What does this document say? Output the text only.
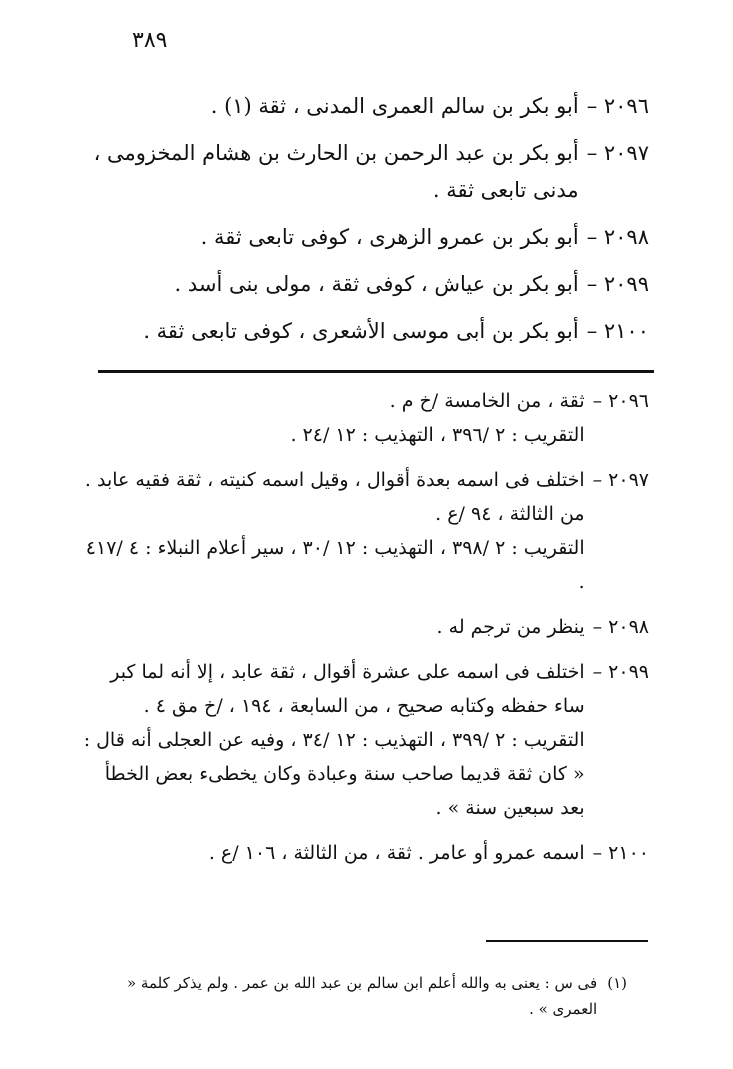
٣٨٩
٢٠٩٦ –
أبو بكر بن سالم العمرى المدنى ، ثقة (١) .
٢٠٩٧ –
أبو بكر بن عبد الرحمن بن الحارث بن هشام المخزومى ، مدنى تابعى ثقة .
٢٠٩٨ –
أبو بكر بن عمرو الزهرى ، كوفى تابعى ثقة .
٢٠٩٩ –
أبو بكر بن عياش ، كوفى ثقة ، مولى بنى أسد .
٢١٠٠ –
أبو بكر بن أبى موسى الأشعرى ، كوفى تابعى ثقة .
٢٠٩٦ –
ثقة ، من الخامسة /خ م .
التقريب : ٢ /٣٩٦ ، التهذيب : ١٢ /٢٤ .
٢٠٩٧ –
اختلف فى اسمه بعدة أقوال ، وقيل اسمه كنيته ، ثقة فقيه عابد . من الثالثة ، ٩٤ /ع .
التقريب : ٢ /٣٩٨ ، التهذيب : ١٢ /٣٠ ، سير أعلام النبلاء : ٤ /٤١٧ .
٢٠٩٨ –
ينظر من ترجم له .
٢٠٩٩ –
اختلف فى اسمه على عشرة أقوال ، ثقة عابد ، إلا أنه لما كبر ساء حفظه وكتابه صحيح ، من السابعة ، ١٩٤ ، /خ مق ٤ . التقريب : ٢ /٣٩٩ ، التهذيب : ١٢ /٣٤ ، وفيه عن العجلى أنه قال : « كان ثقة قديما صاحب سنة وعبادة وكان يخطىء بعض الخطأ بعد سبعين سنة » .
٢١٠٠ –
اسمه عمرو أو عامر . ثقة ، من الثالثة ، ١٠٦ /ع .
(١)
فى س : يعنى به والله أعلم ابن سالم بن عبد الله بن عمر . ولم يذكر كلمة « العمرى » .
